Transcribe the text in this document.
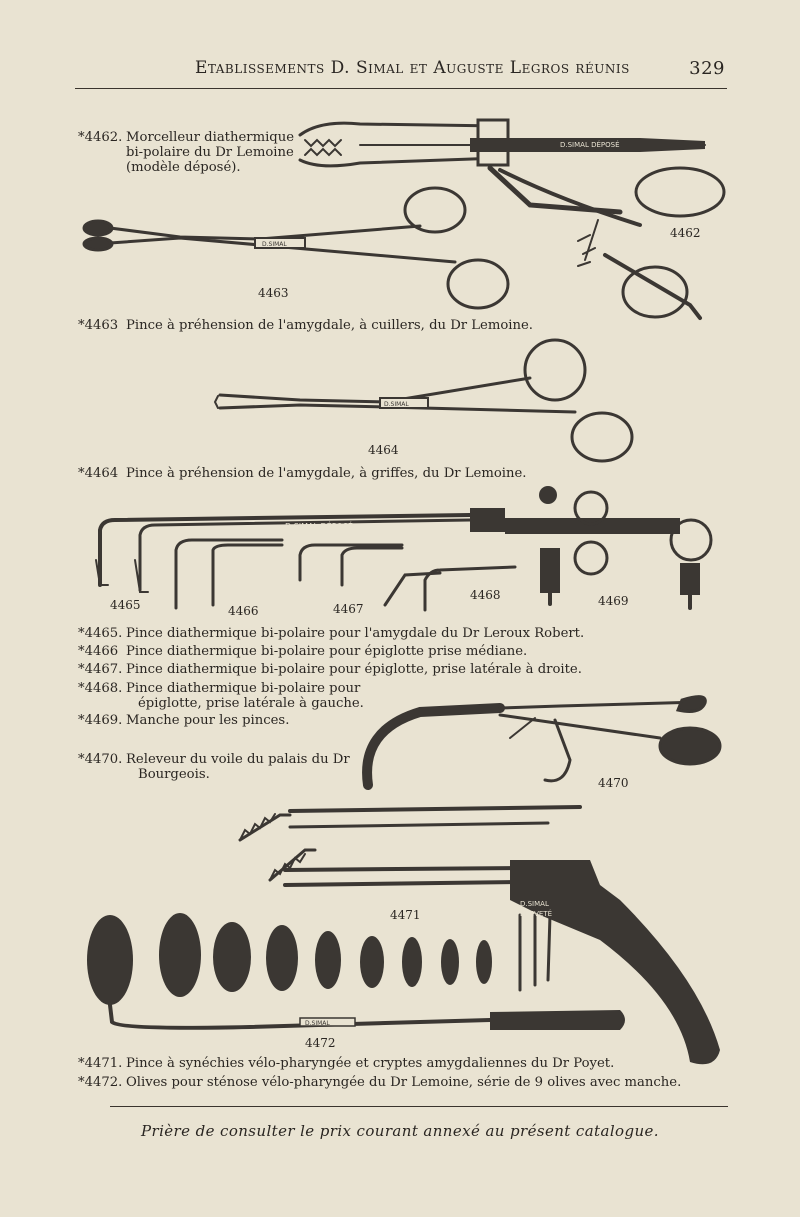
Etablissements D. Simal et Auguste Legros réunis	329
D.SIMAL DÉPOSÉ
D.SIMAL DÉPOSÉ
D.SIMAL
BREVETÉ
D.SIMAL
D.SIMAL
D.SIMAL
4462
4463
4464
4465	4466	4467
4468	4469
4470
4471
4472
*4462. Morcelleur diathermique
bi-polaire du Dr Lemoine
(modèle déposé).
*4463 Pince à préhension de l'amygdale, à cuillers, du Dr Lemoine.
*4464 Pince à préhension de l'amygdale, à griffes, du Dr Lemoine.
*4465. Pince diathermique bi-polaire pour l'amygdale du Dr Leroux Robert.
*4466 Pince diathermique bi-polaire pour épiglotte prise médiane.
*4467. Pince diathermique bi-polaire pour épiglotte, prise latérale à droite.
*4468. Pince diathermique bi-polaire pour
épiglotte, prise latérale à gauche.
*4469. Manche pour les pinces.
*4470. Releveur du voile du palais du Dr
Bourgeois.
*4471. Pince à synéchies vélo-pharyngée et cryptes amygdaliennes du Dr Poyet.
*4472. Olives pour sténose vélo-pharyngée du Dr Lemoine, série de 9 olives avec manche.
Prière de consulter le prix courant annexé au présent catalogue.
